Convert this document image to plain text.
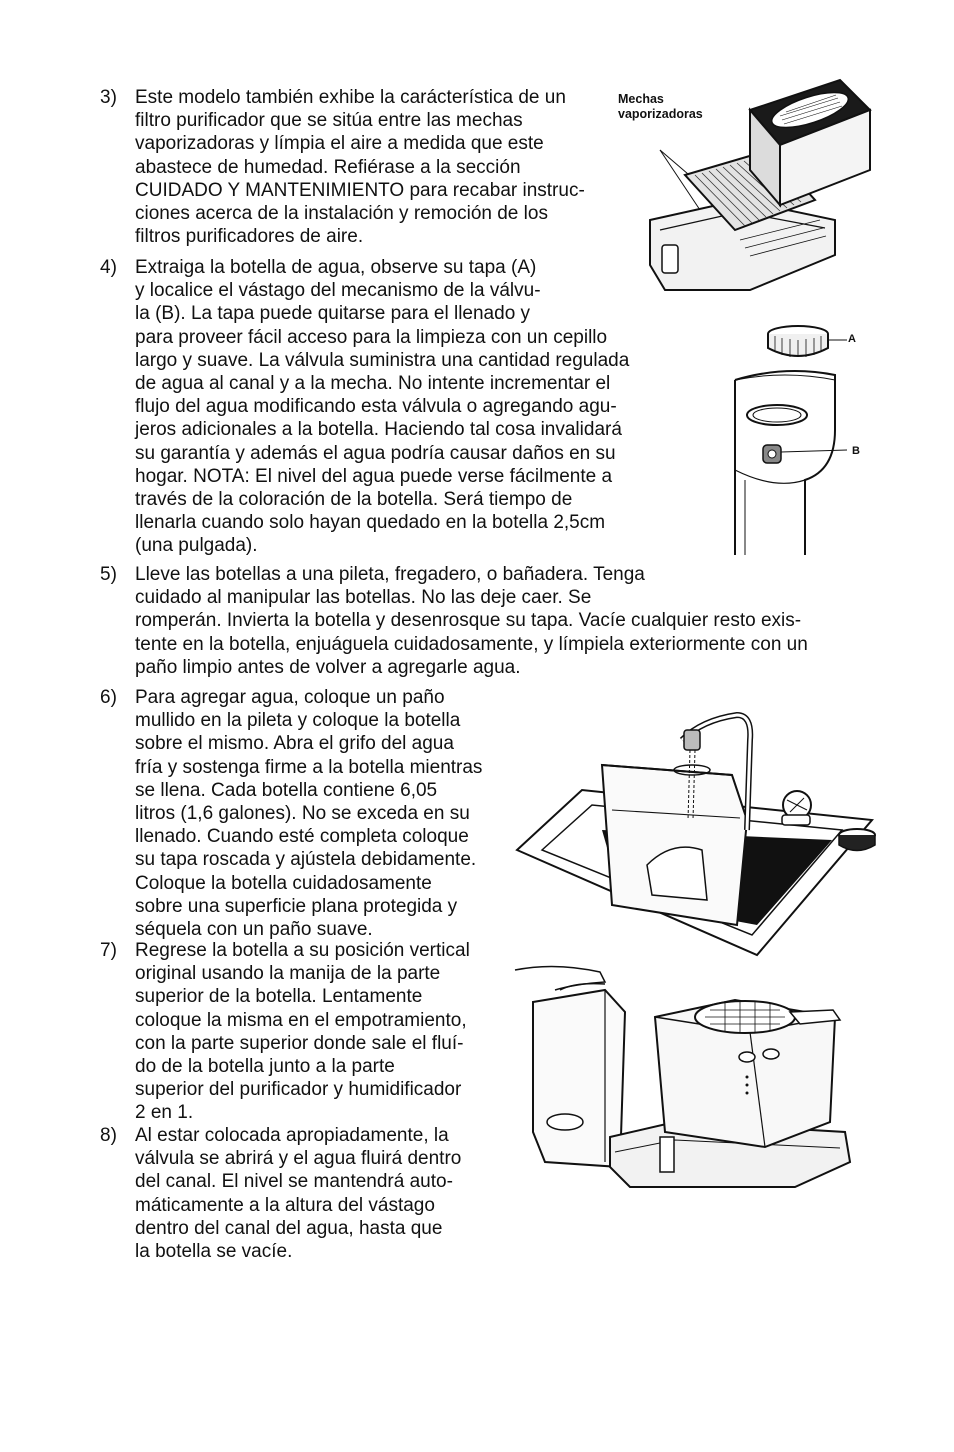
3) Este modelo también exhibe la carácterística de un
filtro purificador que se sitúa entre las mechas
vaporizadoras y límpia el aire a medida que este
abastece de humedad. Refiérase a la sección
CUIDADO Y MANTENIMIENTO para recabar instruc-
ciones acerca de la instalación y remoción de los
filtros purificadores de aire.
4) Extraiga la botella de agua, observe su tapa (A)
y localice el vástago del mecanismo de la válvu-
la (B). La tapa puede quitarse para el llenado y
para proveer fácil acceso para la limpieza con un cepillo
largo y suave. La válvula suministra una cantidad regulada
de agua al canal y a la mecha. No intente incrementar el
flujo del agua modificando esta válvula o agregando agu-
jeros adicionales a la botella. Haciendo tal cosa invalidará
su garantía y además el agua podría causar daños en su
hogar. NOTA: El nivel del agua puede verse fácilmente a
través de la coloración de la botella. Será tiempo de
llenarla cuando solo hayan quedado en la botella 2,5cm
(una pulgada).
5) Lleve las botellas a una pileta, fregadero, o bañadera. Tenga
cuidado al manipular las botellas. No las deje caer. Se
romperán. Invierta la botella y desenrosque su tapa. Vacíe cualquier resto exis-
tente en la botella, enjuáguela cuidadosamente, y límpiela exteriormente con un
paño limpio antes de volver a agregarle agua.
6) Para agregar agua, coloque un paño
mullido en la pileta y coloque la botella
sobre el mismo. Abra el grifo del agua
fría y sostenga firme a la botella mientras
se llena. Cada botella contiene 6,05
litros (1,6 galones). No se exceda en su
llenado. Cuando esté completa coloque
su tapa roscada y ajústela debidamente.
Coloque la botella cuidadosamente
sobre una superficie plana protegida y
séquela con un paño suave.
7) Regrese la botella a su posición vertical
original usando la manija de la parte
superior de la botella. Lentamente
coloque la misma en el empotramiento,
con la parte superior donde sale el fluí-
do de la botella junto a la parte
superior del purificador y humidificador
2 en 1.
8) Al estar colocada apropiadamente, la
válvula se abrirá y el agua fluirá dentro
del canal. El nivel se mantendrá auto-
máticamente a la altura del vástago
dentro del canal del agua, hasta que
la botella se vacíe.
Mechas
vaporizadoras
A
B
